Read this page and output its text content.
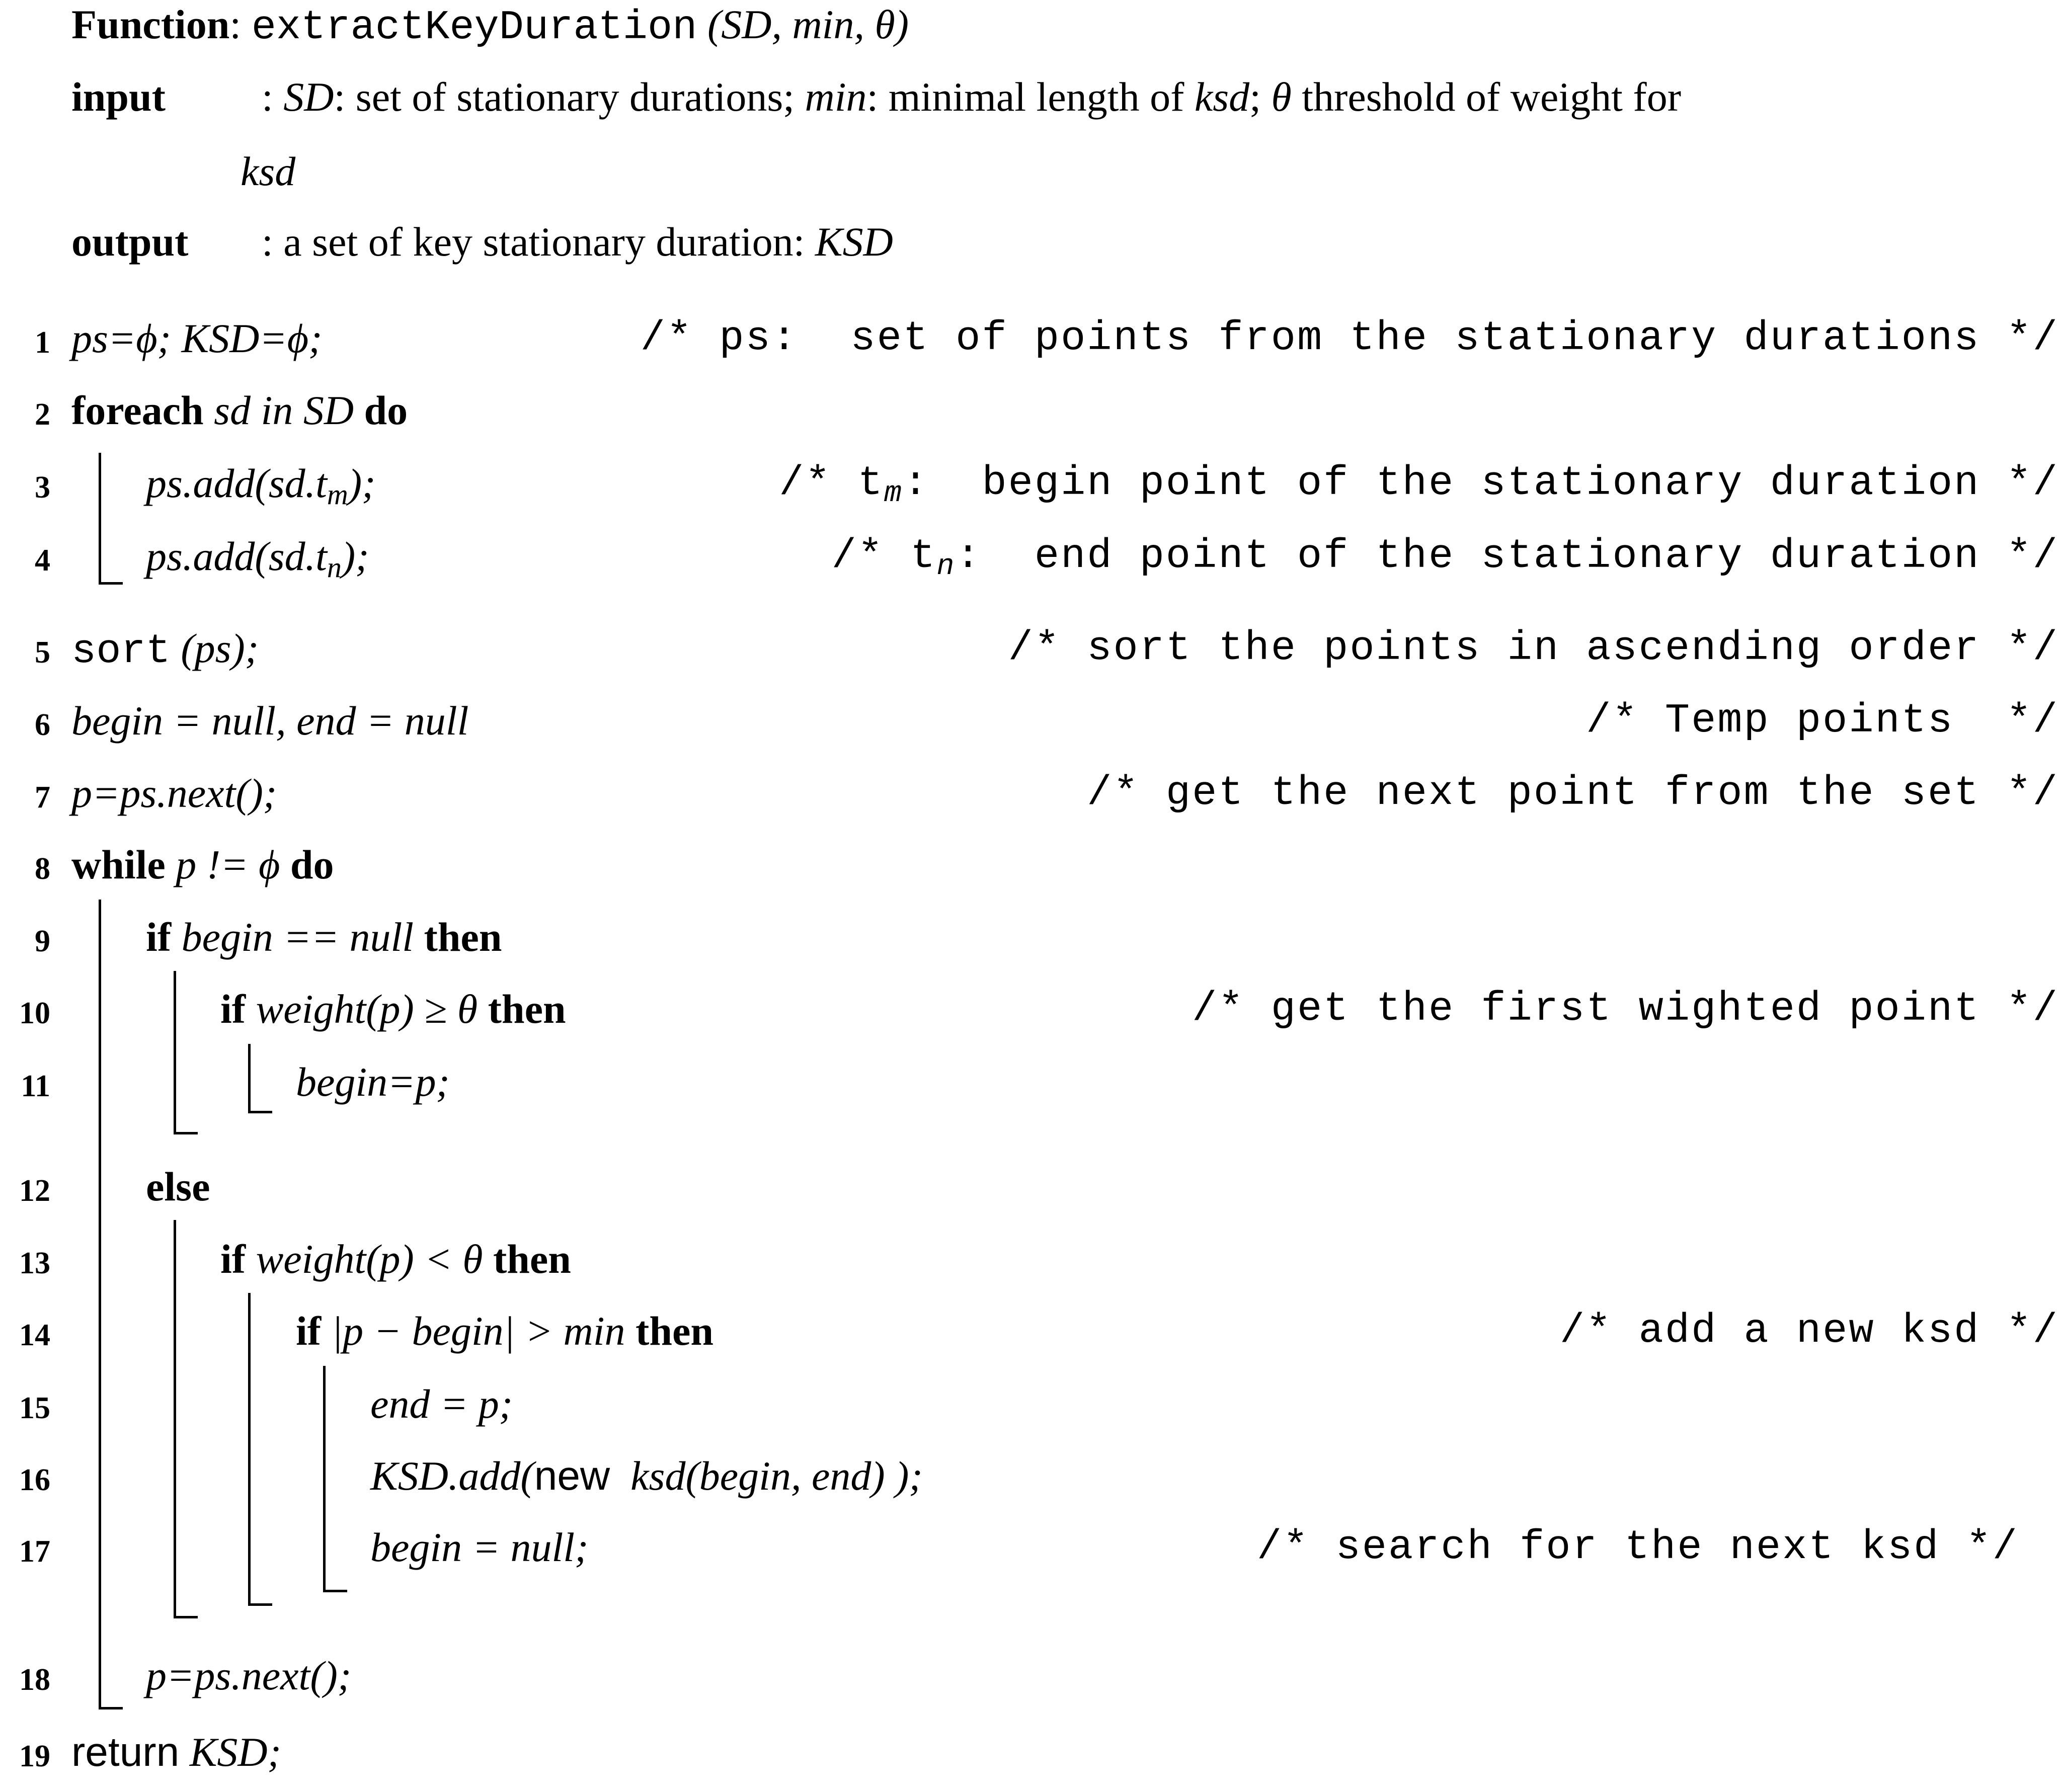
Function: extractKeyDuration (SD, min, θ)
input : SD: set of stationary durations; min: minimal length of ksd; θ threshold of weight for
ksd
output : a set of key stationary duration: KSD
1 ps=ϕ; KSD=ϕ;	/* ps:  set of points from the stationary durations */
2 foreach sd in SD do
3 $ps.add(sd.t_m)$;	/* $t_m$:  begin point of the stationary duration */
4 $ps.add(sd.t_n)$;	/* $t_n$:  end point of the stationary duration */
5 sort (ps);	/* sort the points in ascending order */
6 begin = null, end = null	/* Temp points  */
7 p=ps.next();	/* get the next point from the set */
8 while p != ϕ do
9 if begin == null then
10	if weight(p) ≥ θ then	/* get the first wighted point */
11	begin=p;
12 else
13	if weight(p) < θ then
14	if |p − begin| > min then	/* add a new ksd */
15	end = p;
16	KSD.add(new ksd(begin, end) );
17	begin = null;	/* search for the next ksd */
18 p=ps.next();
19 return KSD;
